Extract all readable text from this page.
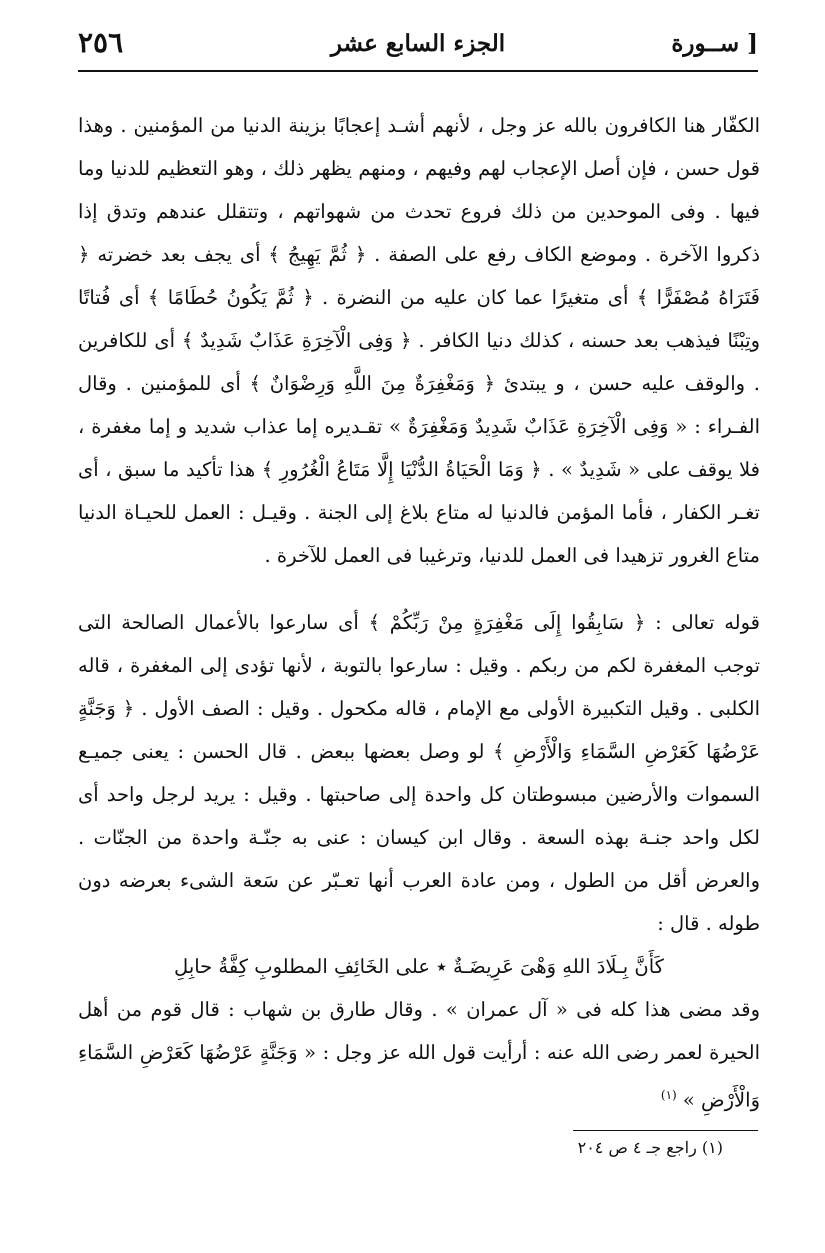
٢٥٦	الجزء السابع عشر	[ ســورة

الكفّار هنا الكافرون بالله عز وجل ، لأنهم أشـد إعجابًا بزينة الدنيا من المؤمنين . وهذا قول حسن ، فإن أصل الإعجاب لهم وفيهم ، ومنهم يظهر ذلك ، وهو التعظيم للدنيا وما فيها . وفى الموحدين من ذلك فروع تحدث من شهواتهم ، وتتقلل عندهم وتدق إذا ذكروا الآخرة . وموضع الكاف رفع على الصفة . ﴿ ثُمَّ يَهِيجُ ﴾ أى يجف بعد خضرته ﴿ فَتَرَاهُ مُصْفَرًّا ﴾ أى متغيرًا عما كان عليه من النضرة . ﴿ ثُمَّ يَكُونُ حُطَامًا ﴾ أى فُتاتًا وتِبْنًا فيذهب بعد حسنه ، كذلك دنيا الكافر . ﴿ وَفِى الْآخِرَةِ عَذَابٌ شَدِيدٌ ﴾ أى للكافرين . والوقف عليه حسن ، و يبتدئ ﴿ وَمَغْفِرَةٌ مِنَ اللَّهِ وَرِضْوَانٌ ﴾ أى للمؤمنين . وقال الفـراء : « وَفِى الْآخِرَةِ عَذَابٌ شَدِيدٌ وَمَغْفِرَةٌ » تقـديره إما عذاب شديد و إما مغفرة ، فلا يوقف على « شَدِيدٌ » . ﴿ وَمَا الْحَيَاةُ الدُّنْيَا إِلَّا مَتَاعُ الْغُرُورِ ﴾ هذا تأكيد ما سبق ، أى تغـر الكفار ، فأما المؤمن فالدنيا له متاع بلاغ إلى الجنة . وقيـل : العمل للحيـاة الدنيا متاع الغرور تزهيدا فى العمل للدنيا، وترغيبا فى العمل للآخرة .

قوله تعالى : ﴿ سَابِقُوا إِلَى مَغْفِرَةٍ مِنْ رَبِّكُمْ ﴾ أى سارعوا بالأعمال الصالحة التى توجب المغفرة لكم من ربكم . وقيل : سارعوا بالتوبة ، لأنها تؤدى إلى المغفرة ، قاله الكلبى . وقيل التكبيرة الأولى مع الإمام ، قاله مكحول . وقيل : الصف الأول . ﴿ وَجَنَّةٍ عَرْضُهَا كَعَرْضِ السَّمَاءِ وَالْأَرْضِ ﴾ لو وصل بعضها ببعض . قال الحسن : يعنى جميـع السموات والأرضين مبسوطتان كل واحدة إلى صاحبتها . وقيل : يريد لرجل واحد أى لكل واحد جنـة بهذه السعة . وقال ابن كيسان : عنى به جنّـة واحدة من الجنّات . والعرض أقل من الطول ، ومن عادة العرب أنها تعـبّر عن سَعة الشىء بعرضه دون طوله . قال :

كَأَنَّ بِـلَادَ اللهِ وَهْىَ عَرِيضَـةٌ ٭ على الخَائِفِ المطلوبِ كِفَّةُ حابِلِ

وقد مضى هذا كله فى « آل عمران » . وقال طارق بن شهاب : قال قوم من أهل الحيرة لعمر رضى الله عنه : أرأيت قول الله عز وجل : « وَجَنَّةٍ عَرْضُهَا كَعَرْضِ السَّمَاءِ وَالْأَرْضِ » $^{(١)}$

(١) راجع جـ ٤ ص ٢٠٤
